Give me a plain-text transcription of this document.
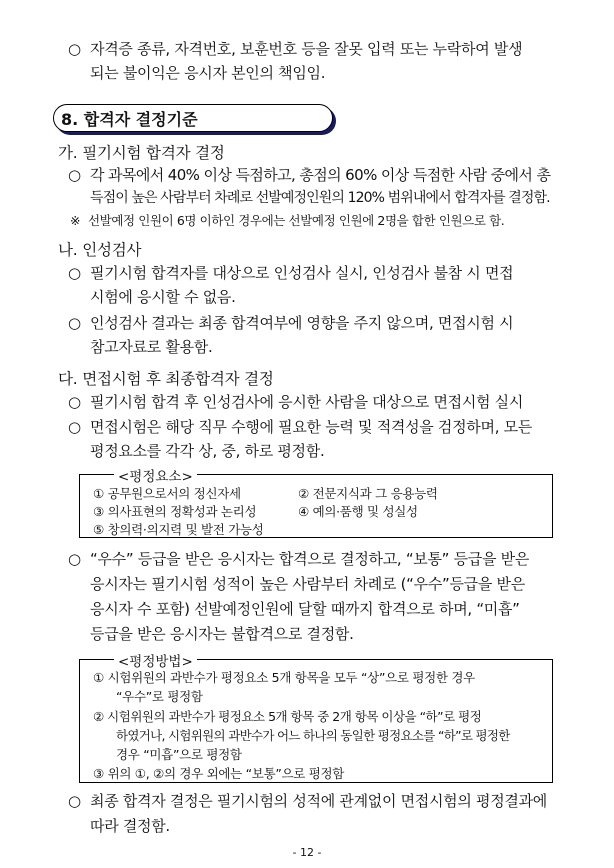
○ 자격증 종류, 자격번호, 보훈번호 등을 잘못 입력 또는 누락하여 발생
되는 불이익은 응시자 본인의 책임임.
8. 합격자 결정기준
가. 필기시험 합격자 결정
○ 각 과목에서 40% 이상 득점하고, 총점의 60% 이상 득점한 사람 중에서 총
득점이 높은 사람부터 차례로 선발예정인원의 120% 범위내에서 합격자를 결정함.
※ 선발예정 인원이 6명 이하인 경우에는 선발예정 인원에 2명을 합한 인원으로 함.
나. 인성검사
○ 필기시험 합격자를 대상으로 인성검사 실시, 인성검사 불참 시 면접
시험에 응시할 수 없음.
○ 인성검사 결과는 최종 합격여부에 영향을 주지 않으며, 면접시험 시
참고자료로 활용함.
다. 면접시험 후 최종합격자 결정
○ 필기시험 합격 후 인성검사에 응시한 사람을 대상으로 면접시험 실시
○ 면접시험은 해당 직무 수행에 필요한 능력 및 적격성을 검정하며, 모든
평정요소를 각각 상, 중, 하로 평정함.
<평정요소>
① 공무원으로서의 정신자세	② 전문지식과 그 응용능력
③ 의사표현의 정확성과 논리성	④ 예의·품행 및 성실성
⑤ 창의력·의지력 및 발전 가능성
○ “우수” 등급을 받은 응시자는 합격으로 결정하고, “보통” 등급을 받은
응시자는 필기시험 성적이 높은 사람부터 차례로 (“우수”등급을 받은
응시자 수 포함) 선발예정인원에 달할 때까지 합격으로 하며, “미흡”
등급을 받은 응시자는 불합격으로 결정함.
<평정방법>
① 시험위원의 과반수가 평정요소 5개 항목을 모두 “상”으로 평정한 경우
“우수”로 평정함
② 시험위원의 과반수가 평정요소 5개 항목 중 2개 항목 이상을 “하”로 평정
하였거나, 시험위원의 과반수가 어느 하나의 동일한 평정요소를 “하”로 평정한
경우 “미흡”으로 평정함
③ 위의 ①, ②의 경우 외에는 “보통”으로 평정함
○ 최종 합격자 결정은 필기시험의 성적에 관계없이 면접시험의 평정결과에
따라 결정함.
- 12 -
